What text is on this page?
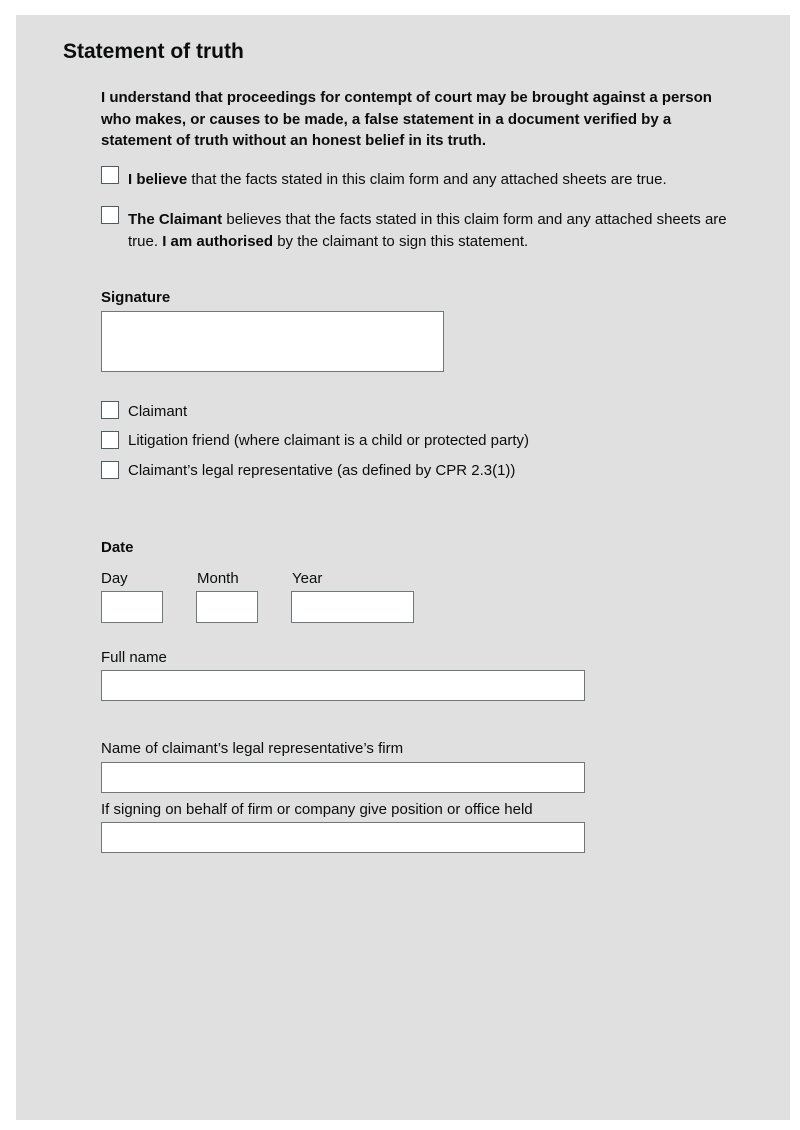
Statement of truth
I understand that proceedings for contempt of court may be brought against a person who makes, or causes to be made, a false statement in a document verified by a statement of truth without an honest belief in its truth.
I believe that the facts stated in this claim form and any attached sheets are true.
The Claimant believes that the facts stated in this claim form and any attached sheets are true. I am authorised by the claimant to sign this statement.
Signature
Claimant
Litigation friend (where claimant is a child or protected party)
Claimant’s legal representative (as defined by CPR 2.3(1))
Date
Day	Month	Year
Full name
Name of claimant’s legal representative’s firm
If signing on behalf of firm or company give position or office held
